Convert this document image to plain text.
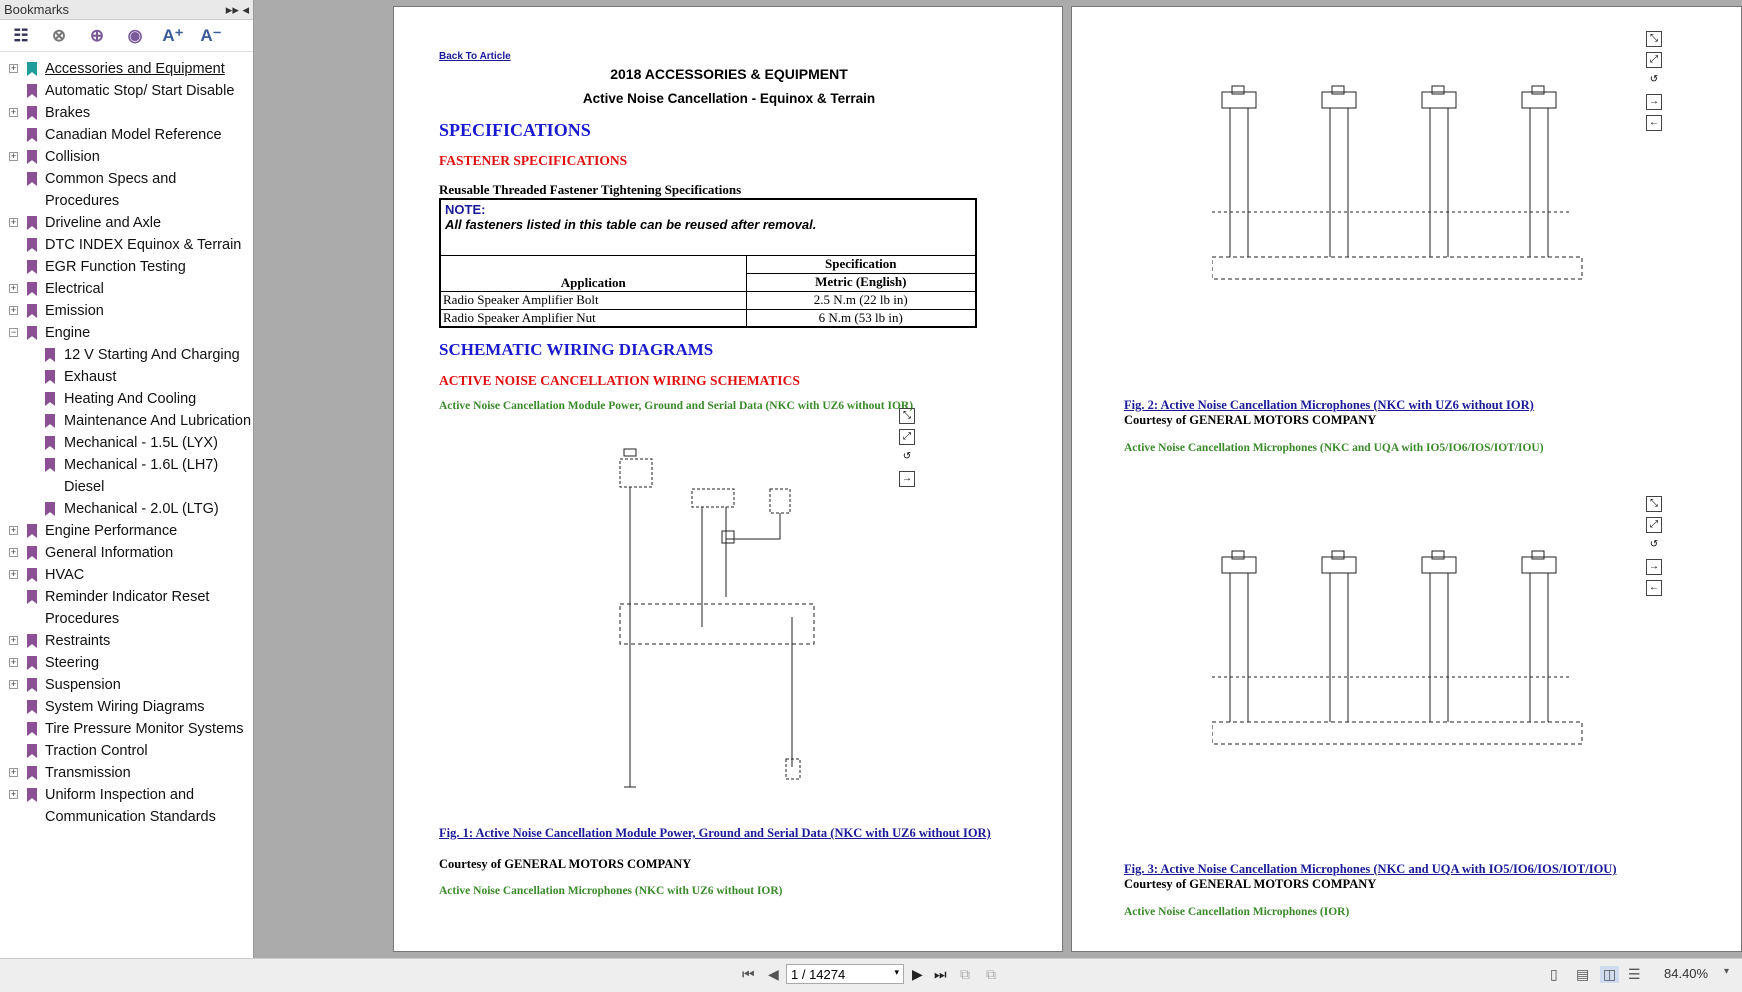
Bookmarks	▸▸ ◂
☷ ⊗ ⊕ ◉ A⁺ A⁻
+ Accessories and Equipment
Automatic Stop/ Start Disable
+ Brakes
Canadian Model Reference
+ Collision
Common Specs and
Procedures
+ Driveline and Axle
DTC INDEX Equinox & Terrain
EGR Function Testing
+ Electrical
+ Emission
− Engine
12 V Starting And Charging
Exhaust
Heating And Cooling
Maintenance And Lubrication
Mechanical - 1.5L (LYX)
Mechanical - 1.6L (LH7)
Diesel
Mechanical - 2.0L (LTG)
+ Engine Performance
+ General Information
+ HVAC
Reminder Indicator Reset
Procedures
+ Restraints
+ Steering
+ Suspension
System Wiring Diagrams
Tire Pressure Monitor Systems
Traction Control
+ Transmission
+ Uniform Inspection and
Communication Standards
Back To Article
2018 ACCESSORIES & EQUIPMENT
Active Noise Cancellation - Equinox & Terrain
SPECIFICATIONS
FASTENER SPECIFICATIONS
Reusable Threaded Fastener Tightening Specifications
NOTE:
All fasteners listed in this table can be reused after removal.	

Application	Specification
	Metric (English)
Radio Speaker Amplifier Bolt	2.5 N.m (22 lb in)
Radio Speaker Amplifier Nut	6 N.m (53 lb in)
SCHEMATIC WIRING DIAGRAMS
ACTIVE NOISE CANCELLATION WIRING SCHEMATICS
Active Noise Cancellation Module Power, Ground and Serial Data (NKC with UZ6 without IOR)
⤡
⤢
↺
→
Fig. 1: Active Noise Cancellation Module Power, Ground and Serial Data (NKC with UZ6 without IOR)
Courtesy of GENERAL MOTORS COMPANY
Active Noise Cancellation Microphones (NKC with UZ6 without IOR)
⤡
⤢
↺
→
←
Fig. 2: Active Noise Cancellation Microphones (NKC with UZ6 without IOR)
Courtesy of GENERAL MOTORS COMPANY
Active Noise Cancellation Microphones (NKC and UQA with IO5/IO6/IOS/IOT/IOU)
⤡
⤢
↺
→
←
Fig. 3: Active Noise Cancellation Microphones (NKC and UQA with IO5/IO6/IOS/IOT/IOU)
Courtesy of GENERAL MOTORS COMPANY
Active Noise Cancellation Microphones (IOR)
⏮ ◀ 1 / 14274	▾ ▶ ⏭ ⧉ ⧉	▯ ▤ ◫ ☰ 84.40% ▾
